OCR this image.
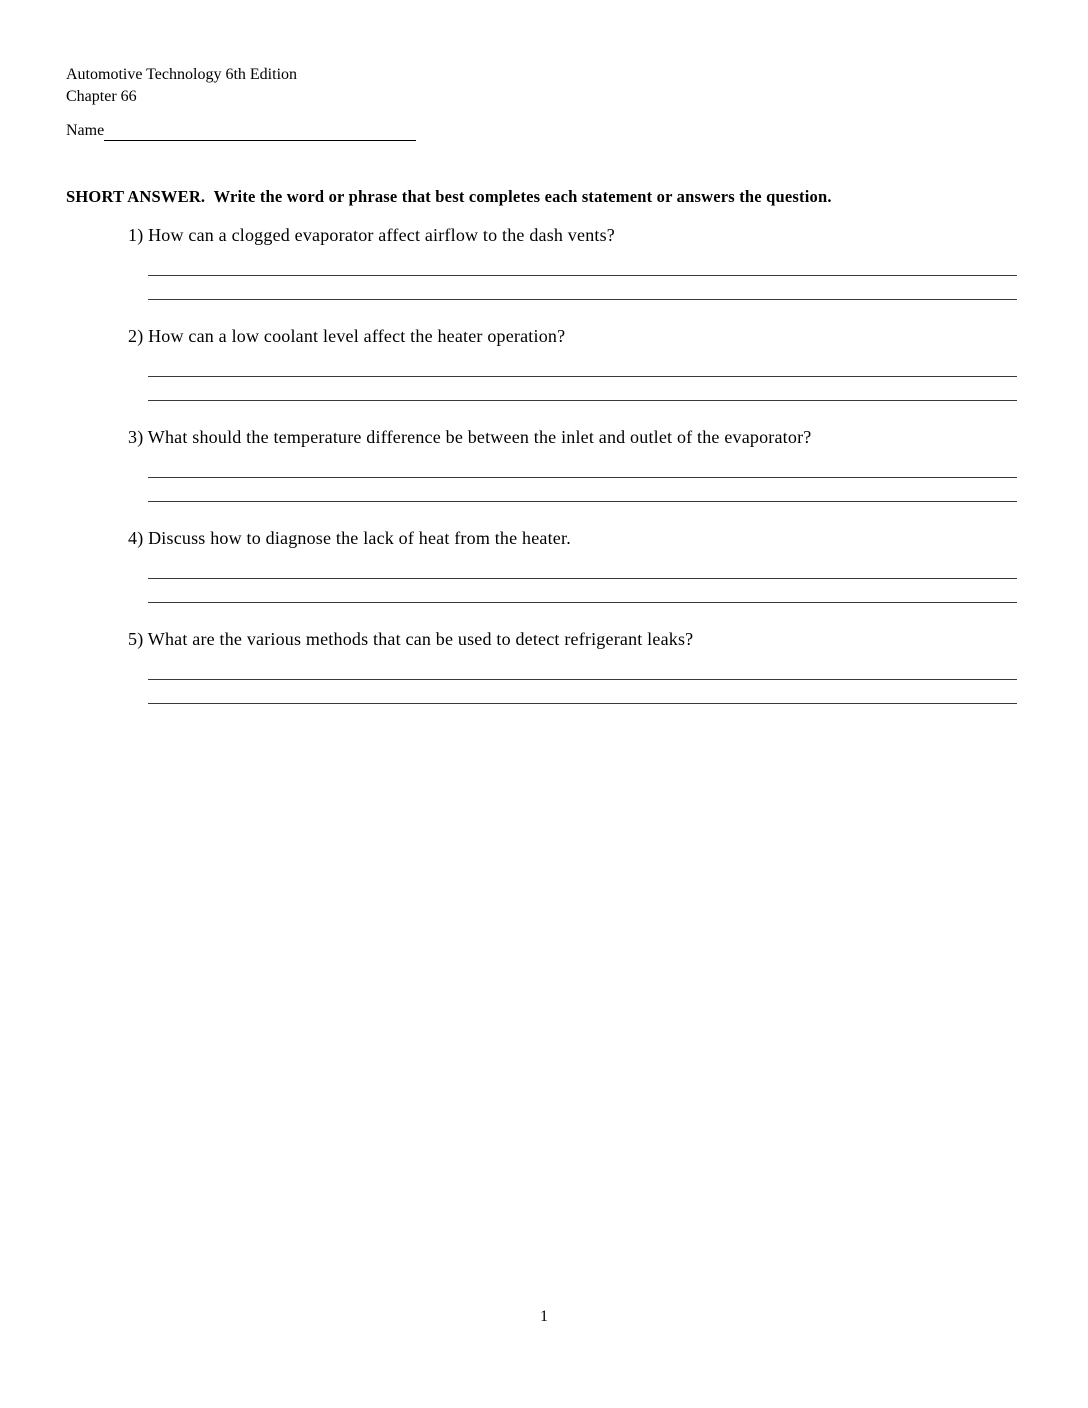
Automotive Technology 6th Edition
Chapter 66
Name
SHORT ANSWER.  Write the word or phrase that best completes each statement or answers the question.
1) How can a clogged evaporator affect airflow to the dash vents?
2) How can a low coolant level affect the heater operation?
3) What should the temperature difference be between the inlet and outlet of the evaporator?
4) Discuss how to diagnose the lack of heat from the heater.
5) What are the various methods that can be used to detect refrigerant leaks?
1
